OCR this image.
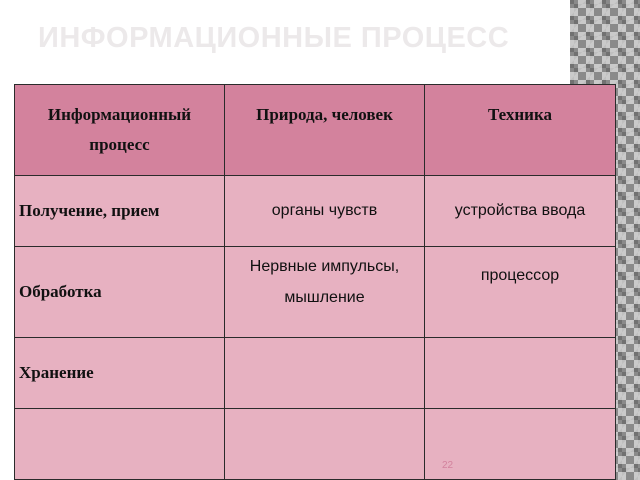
ИНФОРМАЦИОННЫЕ ПРОЦЕССЫ
Информационный процесс	Природа, человек	Техника
Получение, прием	органы чувств	устройства ввода
Обработка	Нервные импульсы, мышление	процессор
Хранение		

22
